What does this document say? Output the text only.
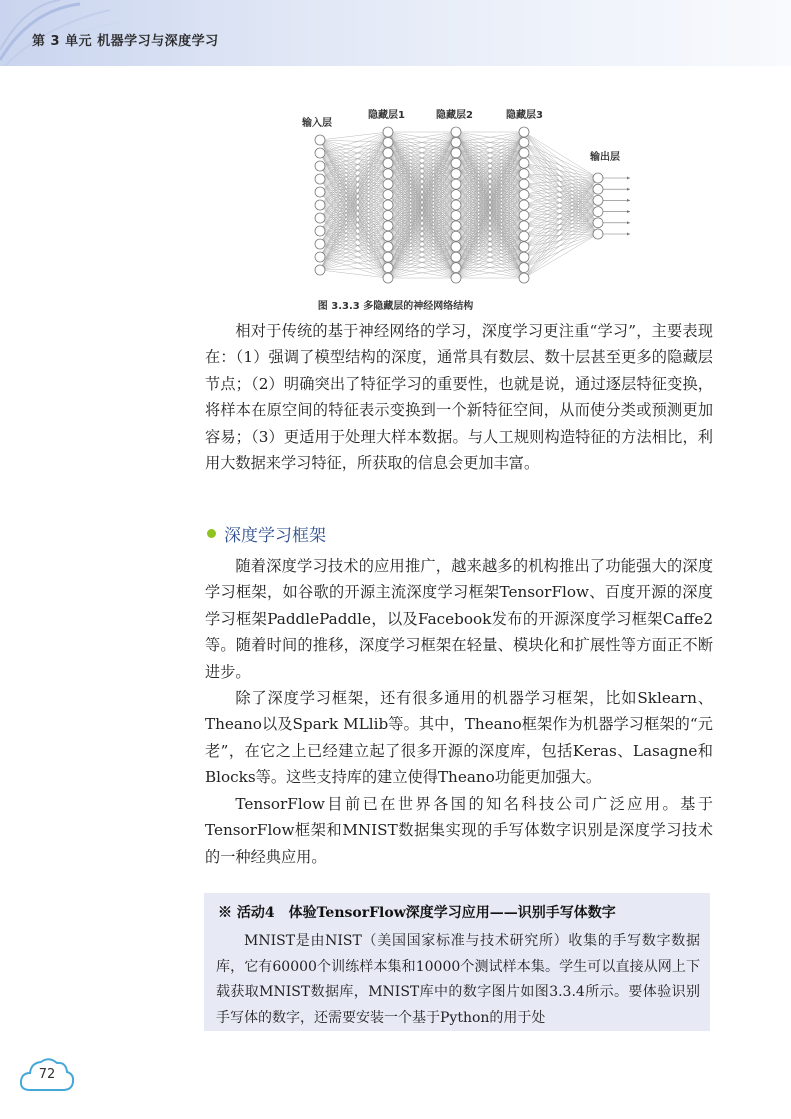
第 3 单元 机器学习与深度学习
输入层
隐藏层1	隐藏层2	隐藏层3
输出层
图 3.3.3 多隐藏层的神经网络结构

相对于传统的基于神经网络的学习，深度学习更注重“学习”，主要表现在：（1）强调了模型结构的深度，通常具有数层、数十层甚至更多的隐藏层节点；（2）明确突出了特征学习的重要性，也就是说，通过逐层特征变换，将样本在原空间的特征表示变换到一个新特征空间，从而使分类或预测更加容易；（3）更适用于处理大样本数据。与人工规则构造特征的方法相比，利用大数据来学习特征，所获取的信息会更加丰富。

深度学习框架

随着深度学习技术的应用推广，越来越多的机构推出了功能强大的深度学习框架，如谷歌的开源主流深度学习框架TensorFlow、百度开源的深度学习框架PaddlePaddle，以及Facebook发布的开源深度学习框架Caffe2等。随着时间的推移，深度学习框架在轻量、模块化和扩展性等方面正不断进步。

除了深度学习框架，还有很多通用的机器学习框架，比如Sklearn、Theano以及Spark MLlib等。其中，Theano框架作为机器学习框架的“元老”，在它之上已经建立起了很多开源的深度库，包括Keras、Lasagne和Blocks等。这些支持库的建立使得Theano功能更加强大。

TensorFlow目前已在世界各国的知名科技公司广泛应用。基于TensorFlow框架和MNIST数据集实现的手写体数字识别是深度学习技术的一种经典应用。

※ 活动4　体验TensorFlow深度学习应用——识别手写体数字

MNIST是由NIST（美国国家标准与技术研究所）收集的手写数字数据库，它有60000个训练样本集和10000个测试样本集。学生可以直接从网上下载获取MNIST数据库，MNIST库中的数字图片如图3.3.4所示。要体验识别手写体的数字，还需要安装一个基于Python的用于处

72
